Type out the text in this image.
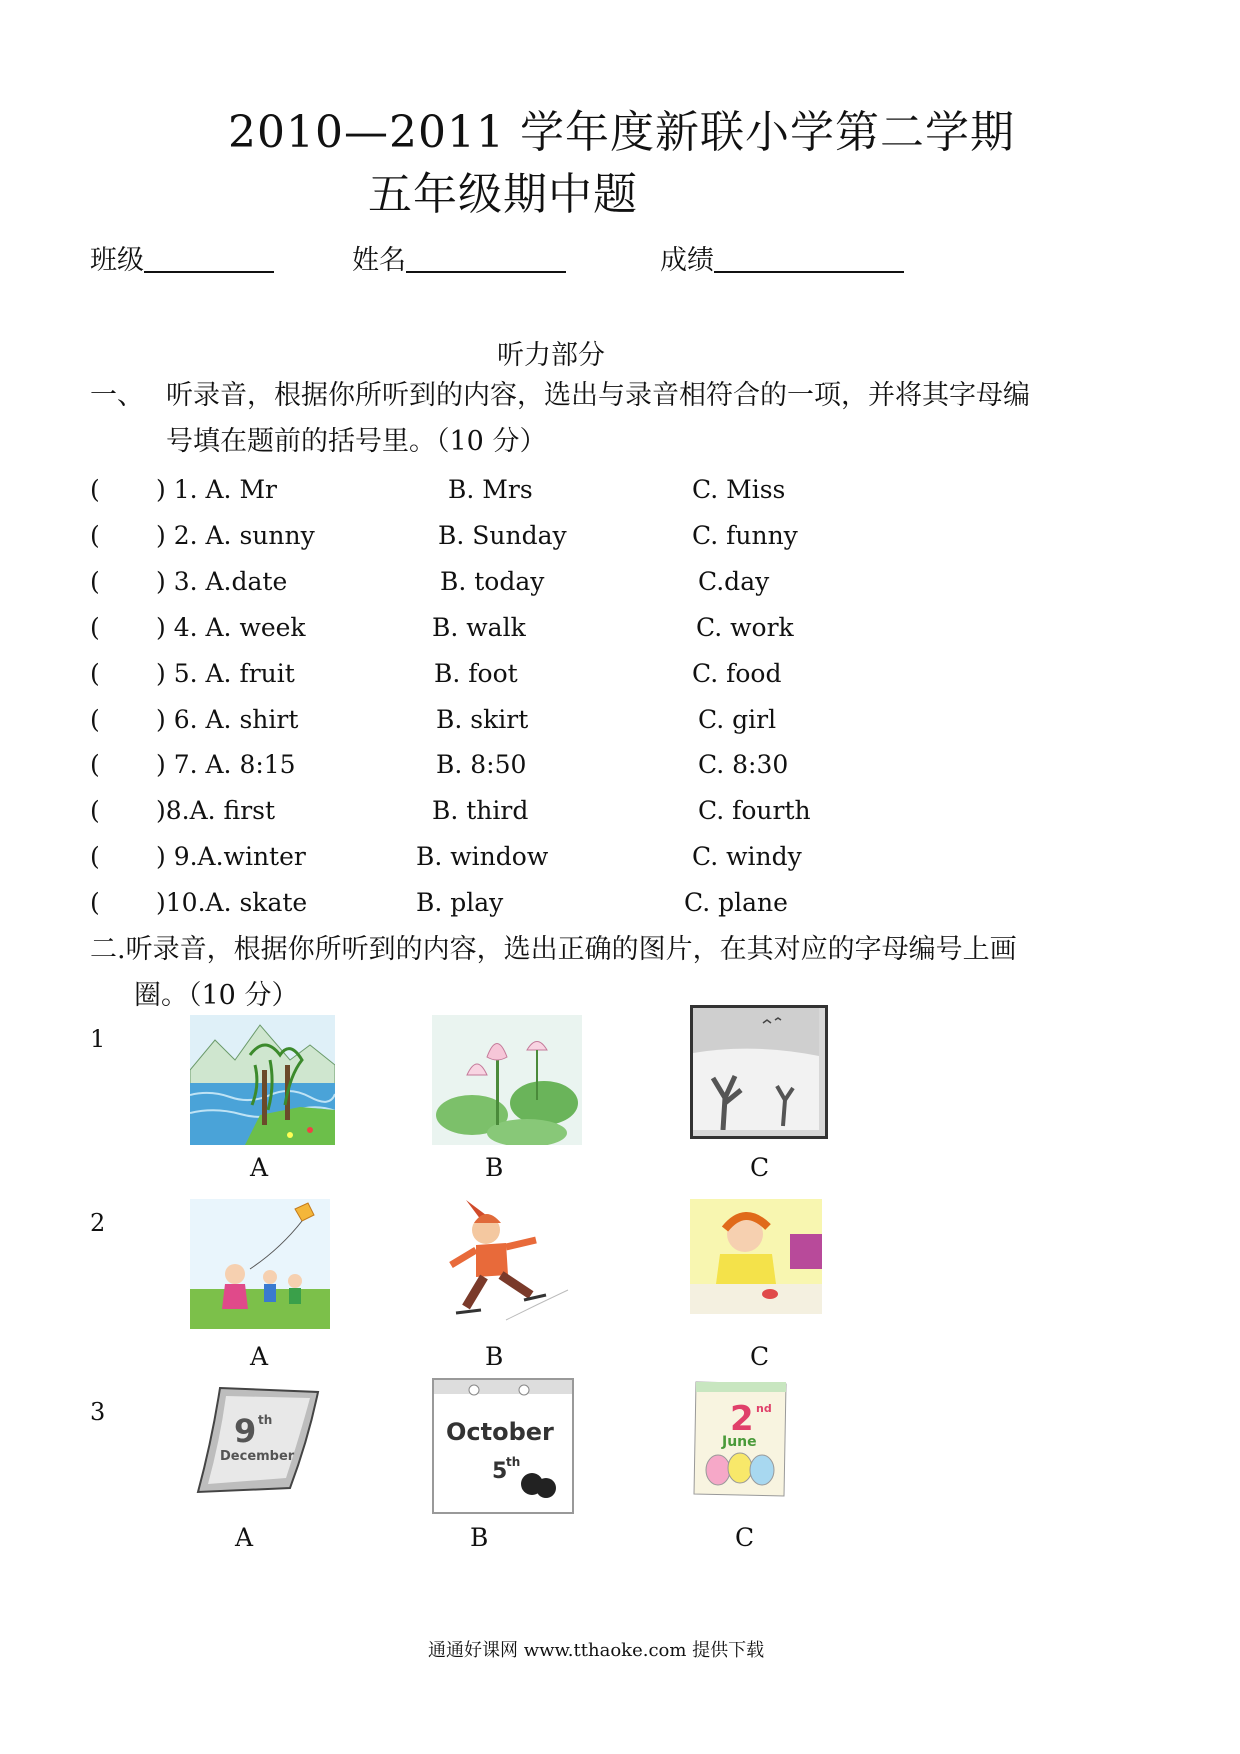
2010—2011 学年度新联小学第二学期
五年级期中题
班级	姓名	成绩
听力部分
一、 听录音，根据你所听到的内容，选出与录音相符合的一项，并将其字母编
号填在题前的括号里。（10 分）
( ) 1. A. Mr	B. Mrs	C. Miss
( ) 2. A. sunny	B. Sunday	C. funny
( ) 3. A.date	B. today	C.day
( ) 4. A. week	B. walk	C. work
( ) 5. A. fruit	B. foot	C. food
( ) 6. A. shirt	B. skirt	C. girl
( ) 7. A. 8:15	B. 8:50	C. 8:30
( )8.A. first	B. third	C. fourth
( ) 9.A.winter	B. window	C. windy
( )10.A. skate	B. play	C. plane
二.听录音，根据你所听到的内容，选出正确的图片，在其对应的字母编号上画
圈。（10 分）
1
2
3
A	B	C
A	B	C
9 th
December
October
5
th
2 nd
June
A	B	C
通通好课网 www.tthaoke.com 提供下载
